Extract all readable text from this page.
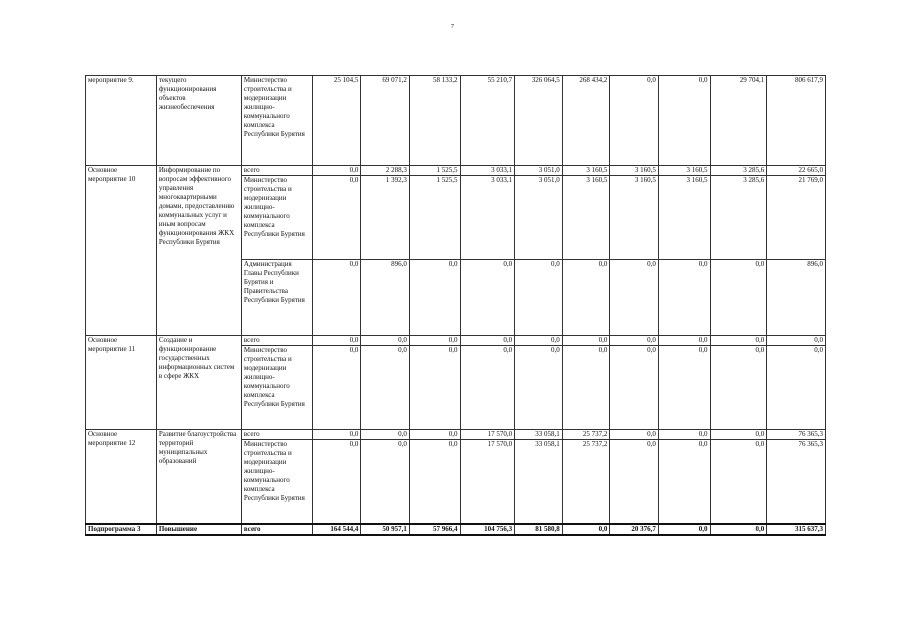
7
мероприятие 9.	текущего функционирования объектов жизнеобеспечения	Министерство строительства и модернизации жилищно-коммунального комплекса Республики Бурятия	25 104,5	69 071,2	58 133,2	55 210,7	326 064,5	268 434,2	0,0	0,0	29 704,1	806 617,9
Основное мероприятие 10	Информирование по вопросам эффективного управления многоквартирными домами, предоставлению коммунальных услуг и иным вопросам функционирования ЖКХ Республики Бурятия	всего	0,0	2 288,3	1 525,5	3 033,1	3 051,0	3 160,5	3 160,5	3 160,5	3 285,6	22 665,0
		Министерство строительства и модернизации жилищно-коммунального комплекса Республики Бурятия	0,0	1 392,3	1 525,5	3 033,1	3 051,0	3 160,5	3 160,5	3 160,5	3 285,6	21 769,0
		Администрация Главы Республики Бурятия и Правительства Республики Бурятия	0,0	896,0	0,0	0,0	0,0	0,0	0,0	0,0	0,0	896,0
Основное мероприятие 11	Создание и функционирование государственных информационных систем в сфере ЖКХ	всего	0,0	0,0	0,0	0,0	0,0	0,0	0,0	0,0	0,0	0,0
		Министерство строительства и модернизации жилищно-коммунального комплекса Республики Бурятия	0,0	0,0	0,0	0,0	0,0	0,0	0,0	0,0	0,0	0,0
Основное мероприятие 12	Развитие благоустройства территорий муниципальных образований	всего	0,0	0,0	0,0	17 570,0	33 058,1	25 737,2	0,0	0,0	0,0	76 365,3
		Министерство строительства и модернизации жилищно-коммунального комплекса Республики Бурятия	0,0	0,0	0,0	17 570,0	33 058,1	25 737,2	0,0	0,0	0,0	76 365,3
Подпрограмма 3	Повышение	всего	164 544,4	50 957,1	57 966,4	104 756,3	81 580,8	0,0	20 376,7	0,0	0,0	315 637,3
